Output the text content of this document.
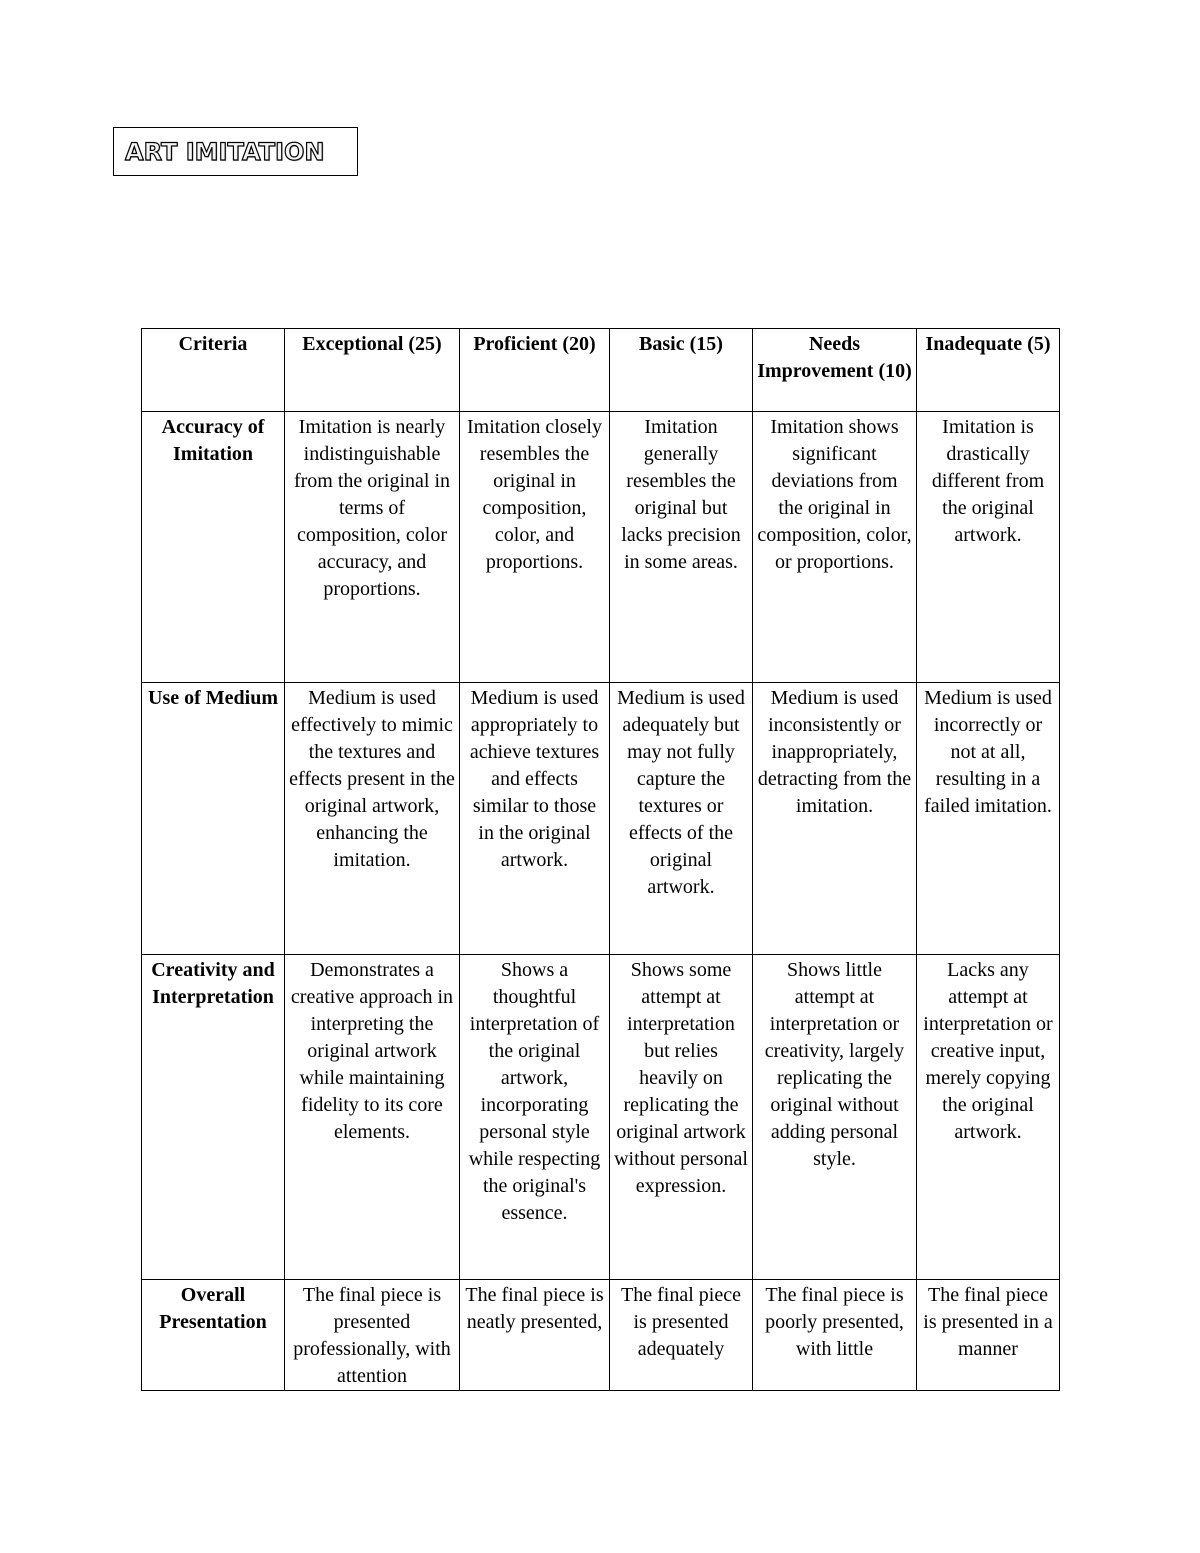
ART IMITATION
Criteria	Exceptional (25)	Proficient (20)	Basic (15)	Needs Improvement (10)	Inadequate (5)
Accuracy of Imitation	Imitation is nearly indistinguishable from the original in terms of composition, color accuracy, and proportions.	Imitation closely resembles the original in composition, color, and proportions.	Imitation generally resembles the original but lacks precision in some areas.	Imitation shows significant deviations from the original in composition, color, or proportions.	Imitation is drastically different from the original artwork.
Use of Medium	Medium is used effectively to mimic the textures and effects present in the original artwork, enhancing the imitation.	Medium is used appropriately to achieve textures and effects similar to those in the original artwork.	Medium is used adequately but may not fully capture the textures or effects of the original artwork.	Medium is used inconsistently or inappropriately, detracting from the imitation.	Medium is used incorrectly or not at all, resulting in a failed imitation.
Creativity and Interpretation	Demonstrates a creative approach in interpreting the original artwork while maintaining fidelity to its core elements.	Shows a thoughtful interpretation of the original artwork, incorporating personal style while respecting the original's essence.	Shows some attempt at interpretation but relies heavily on replicating the original artwork without personal expression.	Shows little attempt at interpretation or creativity, largely replicating the original without adding personal style.	Lacks any attempt at interpretation or creative input, merely copying the original artwork.
Overall Presentation	The final piece is presented professionally, with attention	The final piece is neatly presented,	The final piece is presented adequately	The final piece is poorly presented, with little	The final piece is presented in a manner
